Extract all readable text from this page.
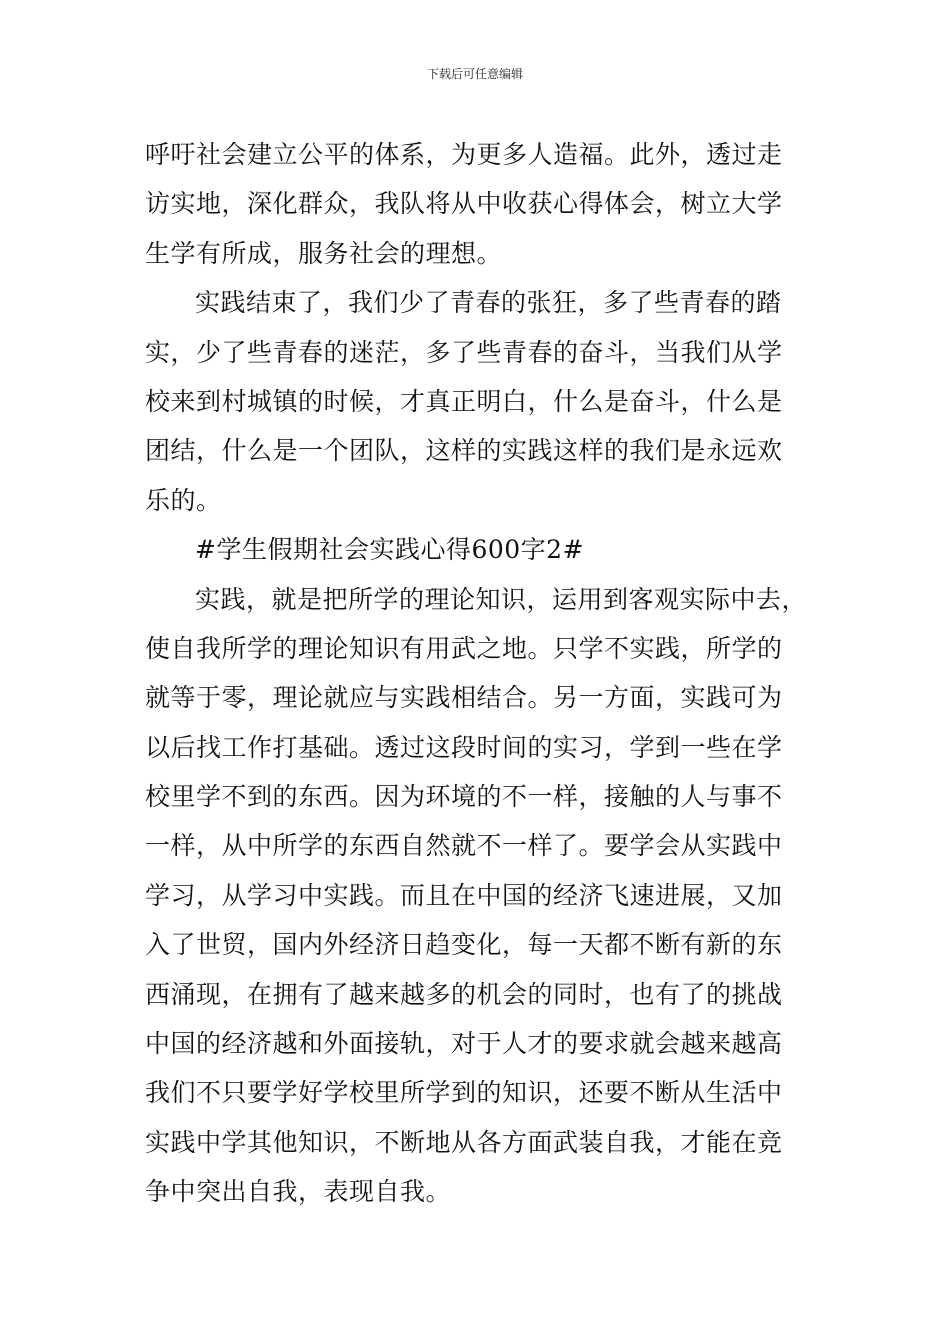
下载后可任意编辑
呼吁社会建立公平的体系，为更多人造福。此外，透过走
访实地，深化群众，我队将从中收获心得体会，树立大学
生学有所成，服务社会的理想。
实践结束了，我们少了青春的张狂，多了些青春的踏
实，少了些青春的迷茫，多了些青春的奋斗，当我们从学
校来到村城镇的时候，才真正明白，什么是奋斗，什么是
团结，什么是一个团队，这样的实践这样的我们是永远欢
乐的。
#学生假期社会实践心得600字2#
实践，就是把所学的理论知识，运用到客观实际中去，
使自我所学的理论知识有用武之地。只学不实践，所学的
就等于零，理论就应与实践相结合。另一方面，实践可为
以后找工作打基础。透过这段时间的实习，学到一些在学
校里学不到的东西。因为环境的不一样，接触的人与事不
一样，从中所学的东西自然就不一样了。要学会从实践中
学习，从学习中实践。而且在中国的经济飞速进展，又加
入了世贸，国内外经济日趋变化，每一天都不断有新的东
西涌现，在拥有了越来越多的机会的同时，也有了的挑战
中国的经济越和外面接轨，对于人才的要求就会越来越高
我们不只要学好学校里所学到的知识，还要不断从生活中
实践中学其他知识，不断地从各方面武装自我，才能在竞
争中突出自我，表现自我。
